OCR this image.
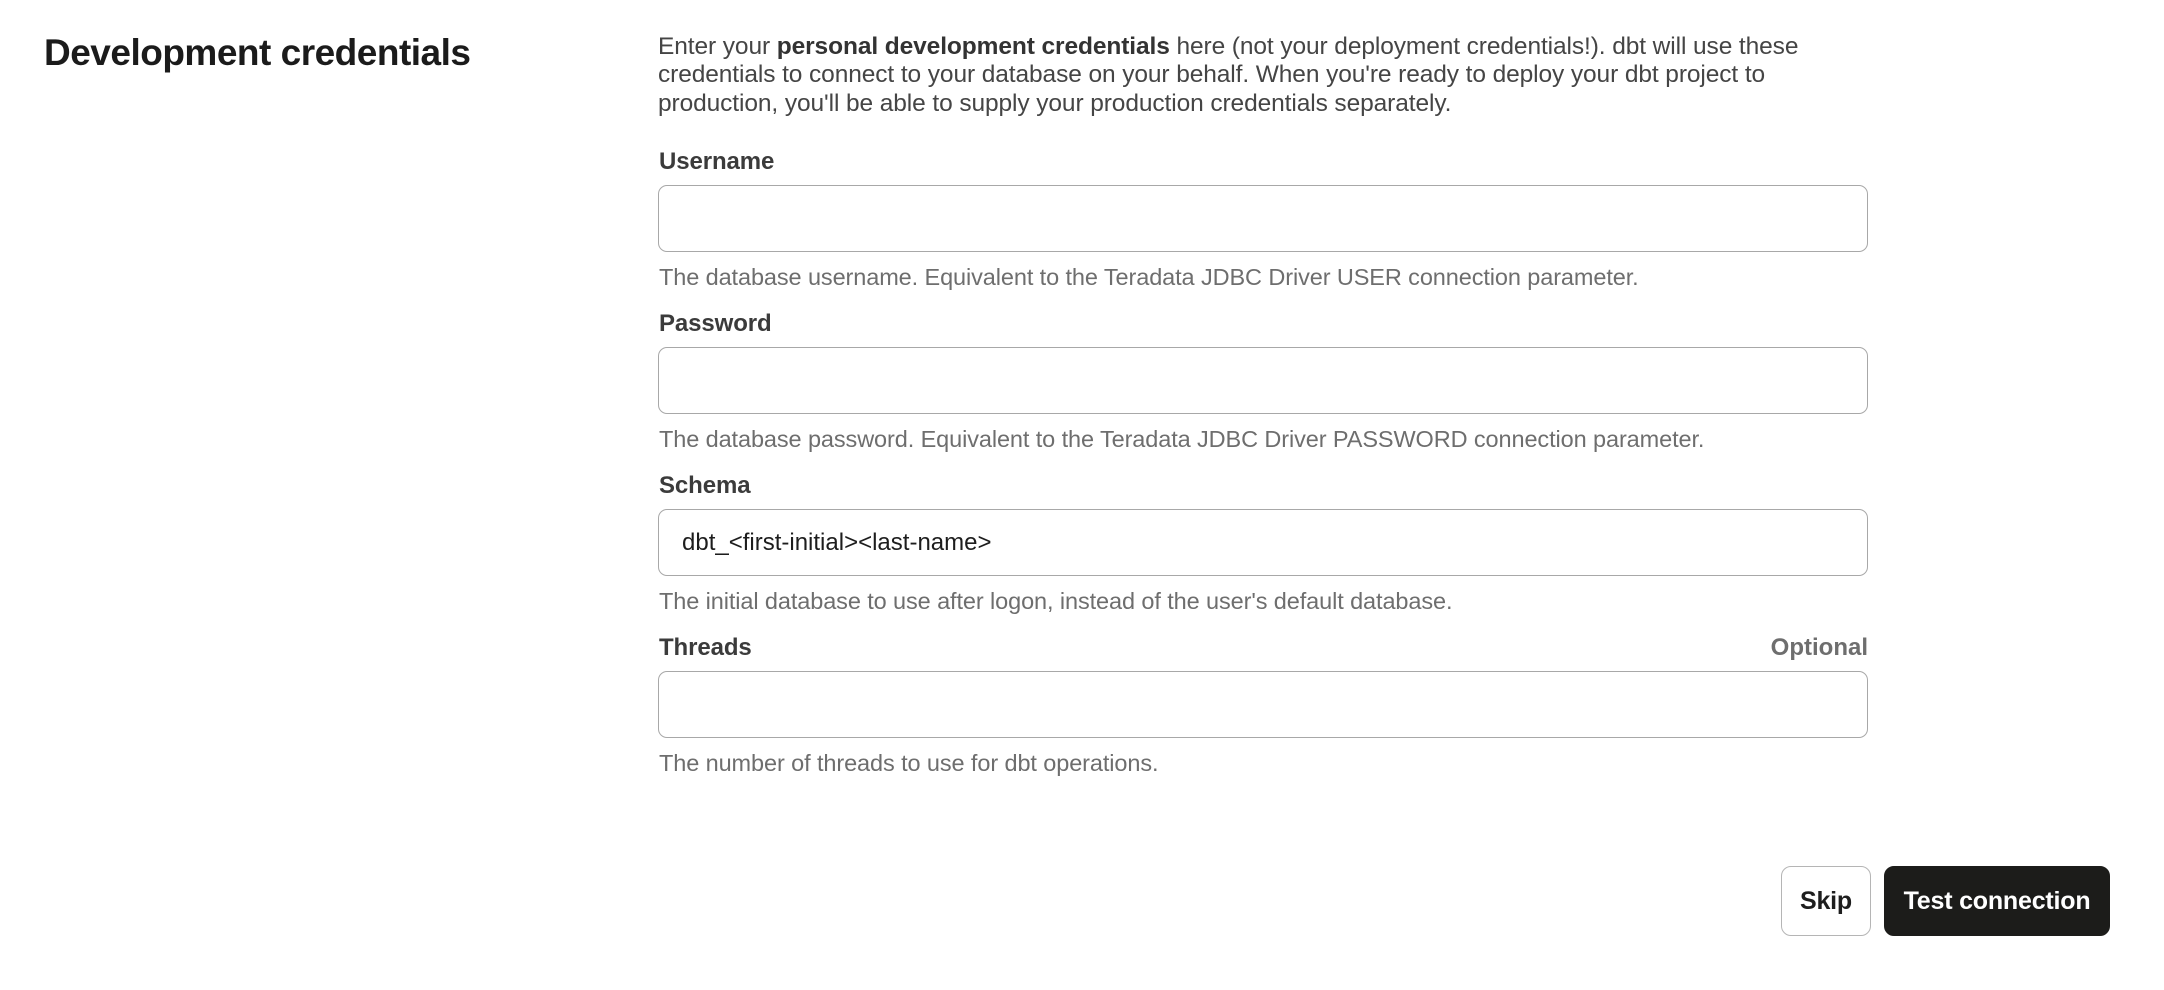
Development credentials	Enter your personal development credentials here (not your deployment credentials!). dbt will use these credentials to connect to your database on your behalf. When you're ready to deploy your dbt project to production, you'll be able to supply your production credentials separately.

Username
The database username. Equivalent to the Teradata JDBC Driver USER connection parameter.
Password
The database password. Equivalent to the Teradata JDBC Driver PASSWORD connection parameter.
Schema
dbt_<first-initial><last-name>
The initial database to use after logon, instead of the user's default database.
Threads	Optional
The number of threads to use for dbt operations.
Skip	Test connection
